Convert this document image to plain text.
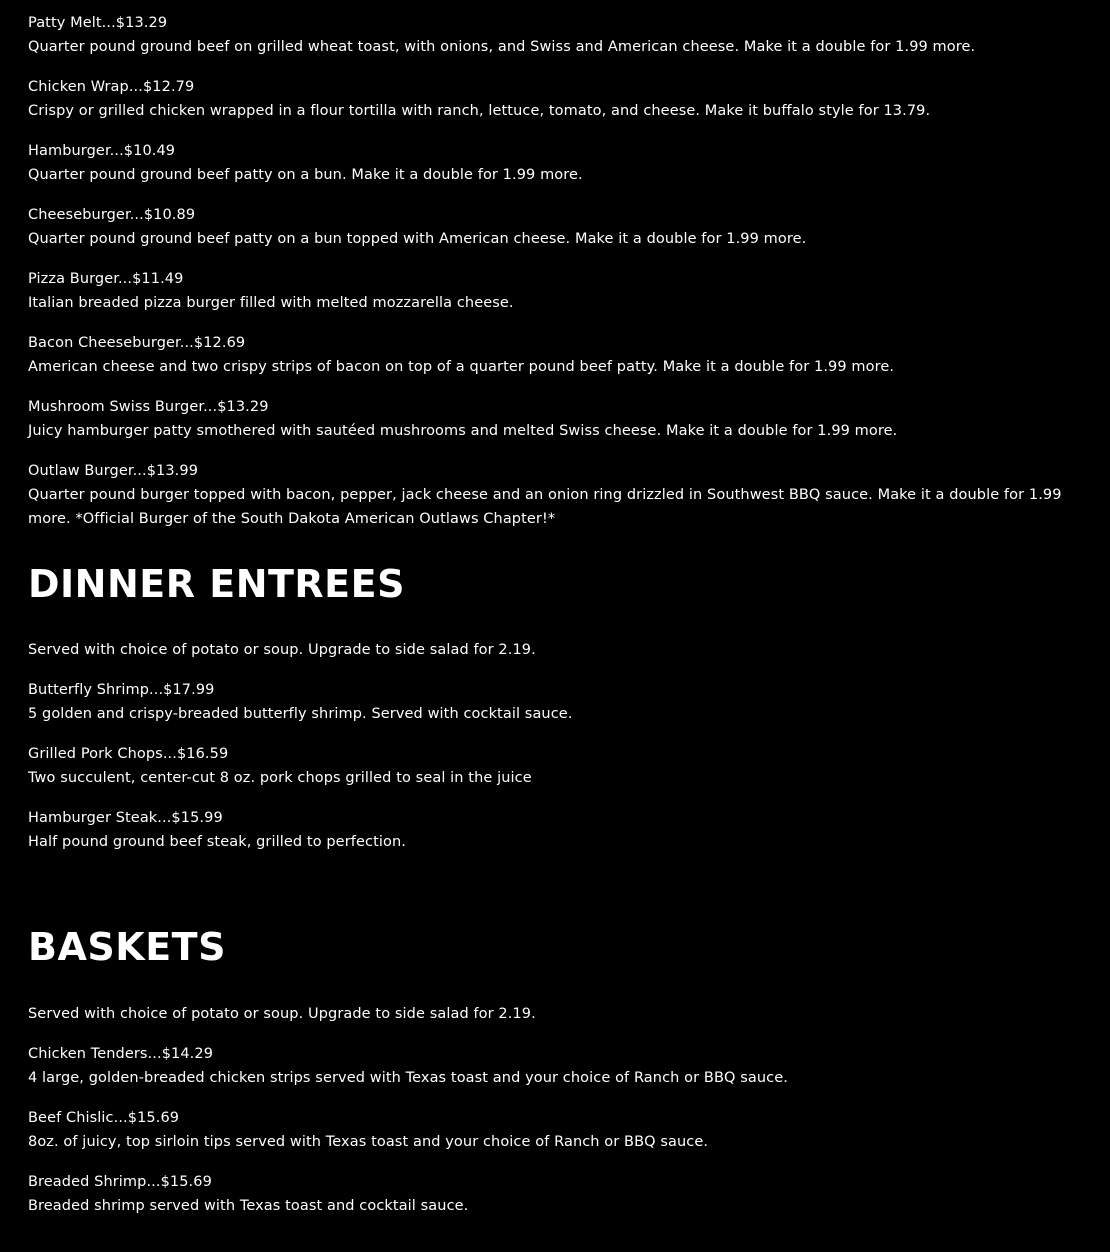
Patty Melt...$13.29
Quarter pound ground beef on grilled wheat toast, with onions, and Swiss and American cheese. Make it a double for 1.99 more.
Chicken Wrap...$12.79
Crispy or grilled chicken wrapped in a flour tortilla with ranch, lettuce, tomato, and cheese. Make it buffalo style for 13.79.
Hamburger...$10.49
Quarter pound ground beef patty on a bun. Make it a double for 1.99 more.
Cheeseburger...$10.89
Quarter pound ground beef patty on a bun topped with American cheese. Make it a double for 1.99 more.
Pizza Burger...$11.49
Italian breaded pizza burger filled with melted mozzarella cheese.
Bacon Cheeseburger...$12.69
American cheese and two crispy strips of bacon on top of a quarter pound beef patty. Make it a double for 1.99 more.
Mushroom Swiss Burger...$13.29
Juicy hamburger patty smothered with sautéed mushrooms and melted Swiss cheese. Make it a double for 1.99 more.
Outlaw Burger...$13.99
Quarter pound burger topped with bacon, pepper, jack cheese and an onion ring drizzled in Southwest BBQ sauce. Make it a double for 1.99 more. *Official Burger of the South Dakota American Outlaws Chapter!*
DINNER ENTREES
Served with choice of potato or soup. Upgrade to side salad for 2.19.
Butterfly Shrimp...$17.99
5 golden and crispy-breaded butterfly shrimp. Served with cocktail sauce.
Grilled Pork Chops...$16.59
Two succulent, center-cut 8 oz. pork chops grilled to seal in the juice
Hamburger Steak...$15.99
Half pound ground beef steak, grilled to perfection.
BASKETS
Served with choice of potato or soup. Upgrade to side salad for 2.19.
Chicken Tenders...$14.29
4 large, golden-breaded chicken strips served with Texas toast and your choice of Ranch or BBQ sauce.
Beef Chislic...$15.69
8oz. of juicy, top sirloin tips served with Texas toast and your choice of Ranch or BBQ sauce.
Breaded Shrimp...$15.69
Breaded shrimp served with Texas toast and cocktail sauce.
